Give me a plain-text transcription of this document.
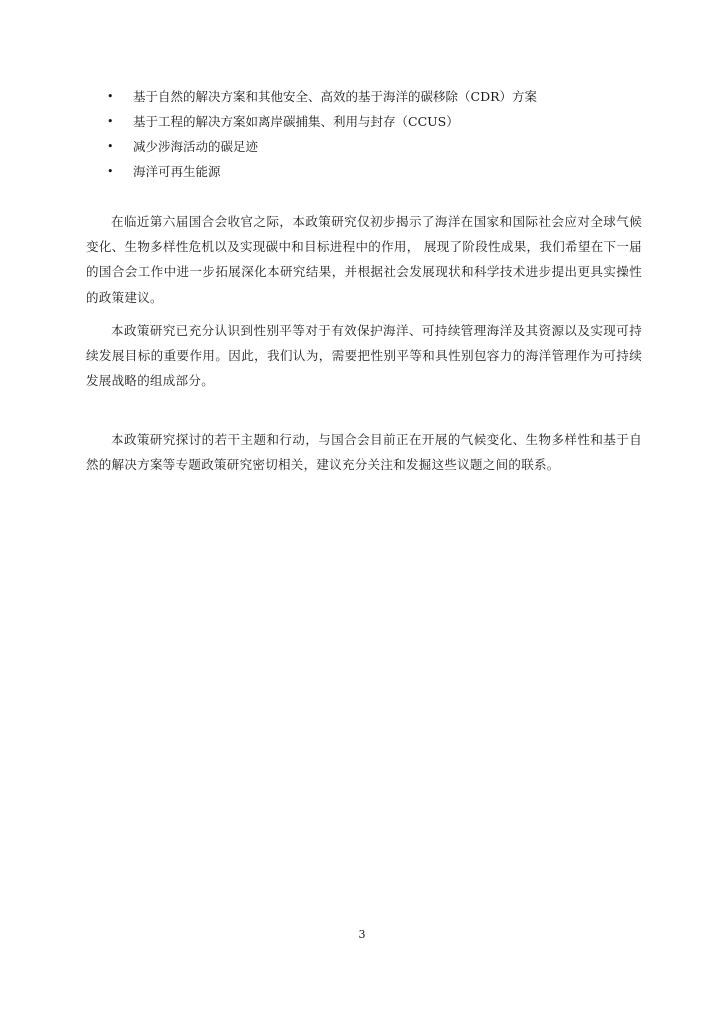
•	基于自然的解决方案和其他安全、高效的基于海洋的碳移除（CDR）方案
•	基于工程的解决方案如离岸碳捕集、利用与封存（CCUS）
•	减少涉海活动的碳足迹
•	海洋可再生能源

在临近第六届国合会收官之际，本政策研究仅初步揭示了海洋在国家和国际社会应对全球气候变化、生物多样性危机以及实现碳中和目标进程中的作用， 展现了阶段性成果，我们希望在下一届的国合会工作中进一步拓展深化本研究结果，并根据社会发展现状和科学技术进步提出更具实操性的政策建议。

本政策研究已充分认识到性别平等对于有效保护海洋、可持续管理海洋及其资源以及实现可持续发展目标的重要作用。因此，我们认为，需要把性别平等和具性别包容力的海洋管理作为可持续发展战略的组成部分。

本政策研究探讨的若干主题和行动，与国合会目前正在开展的气候变化、生物多样性和基于自然的解决方案等专题政策研究密切相关，建议充分关注和发掘这些议题之间的联系。

3
